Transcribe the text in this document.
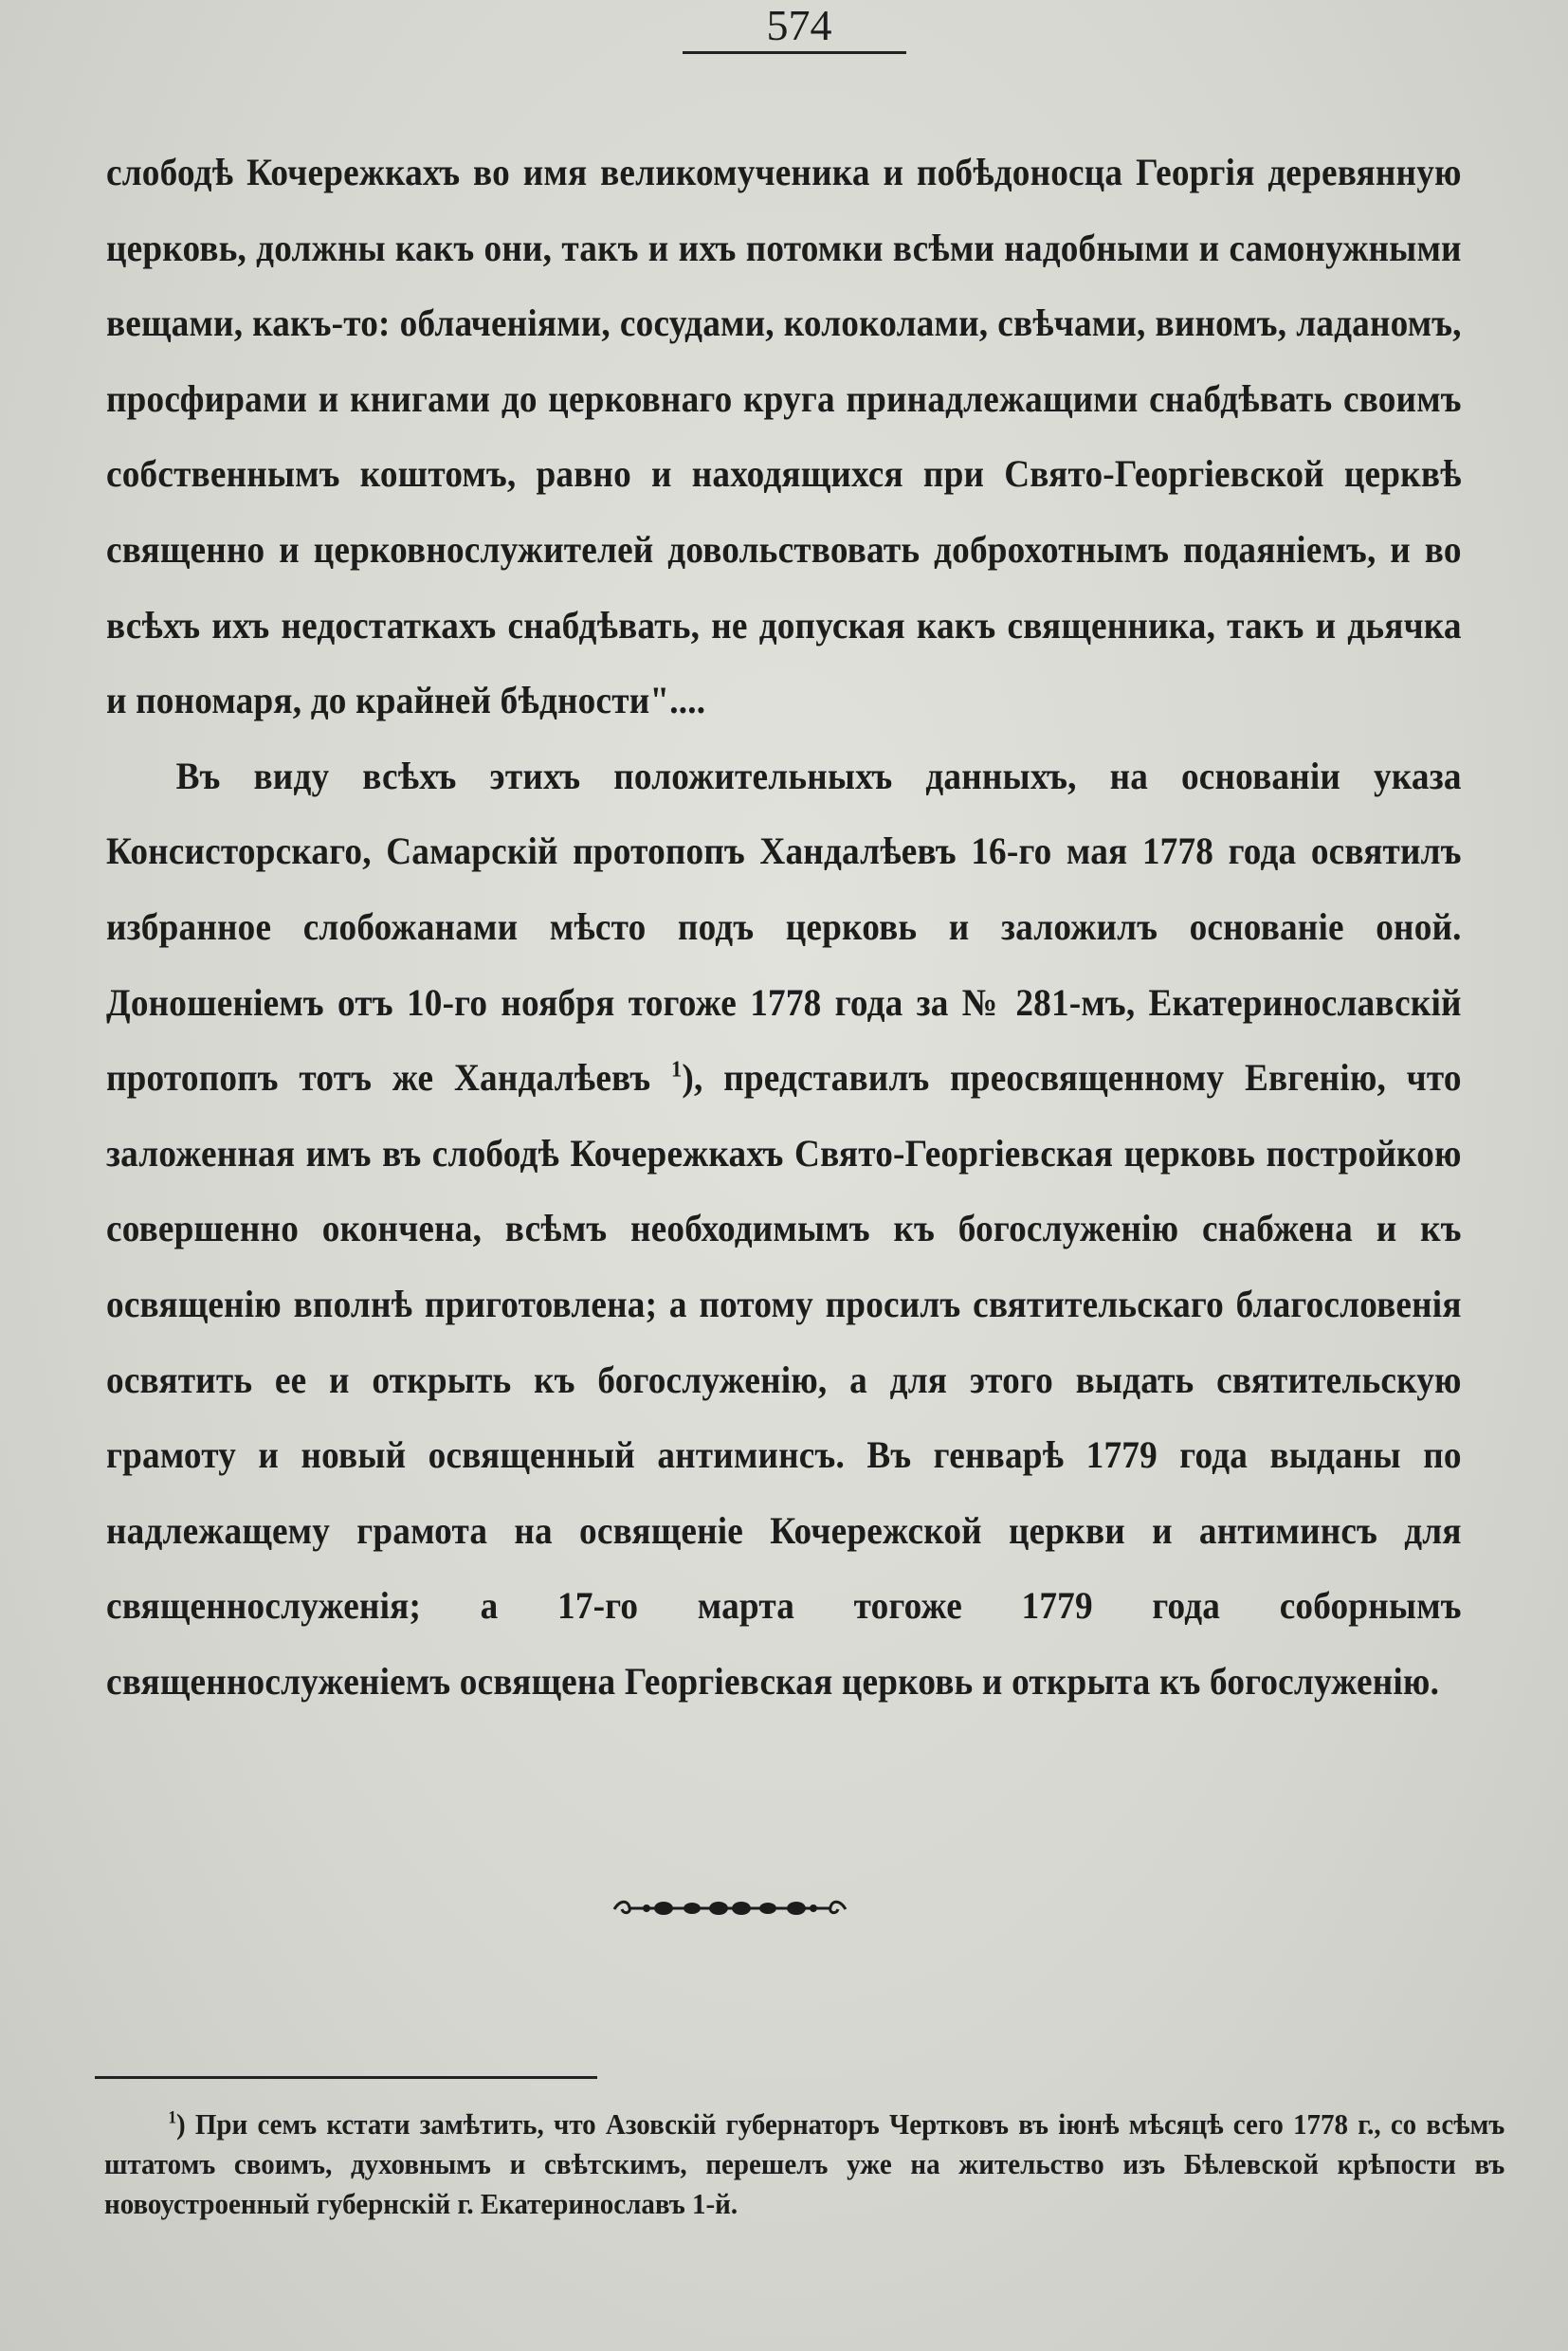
574

слободѣ Кочережкахъ во имя великомученика и побѣдоносца Георгія деревянную церковь, должны какъ они, такъ и ихъ потомки всѣми надобными и самонужными вещами, какъ-то: облаченіями, сосудами, колоколами, свѣчами, виномъ, ладаномъ, просфирами и книгами до церковнаго круга принадлежащими снабдѣвать своимъ собственнымъ коштомъ, равно и находящихся при Свято-Георгіевской церквѣ священно и церковнослужителей довольствовать доброхотнымъ подаяніемъ, и во всѣхъ ихъ недостаткахъ снабдѣвать, не допуская какъ священника, такъ и дьячка и пономаря, до крайней бѣдности"....

Въ виду всѣхъ этихъ положительныхъ данныхъ, на основаніи указа Консисторскаго, Самарскій протопопъ Хандалѣевъ 16-го мая 1778 года освятилъ избранное слобожанами мѣсто подъ церковь и заложилъ основаніе оной. Доношеніемъ отъ 10-го ноября тогоже 1778 года за № 281-мъ, Екатеринославскій протопопъ тотъ же Хандалѣевъ $^1$), представилъ преосвященному Евгенію, что заложенная имъ въ слободѣ Кочережкахъ Свято-Георгіевская церковь постройкою совершенно окончена, всѣмъ необходимымъ къ богослуженію снабжена и къ освященію вполнѣ приготовлена; а потому просилъ святительскаго благословенія освятить ее и открыть къ богослуженію, а для этого выдать святительскую грамоту и новый освященный антиминсъ. Въ генварѣ 1779 года выданы по надлежащему грамота на освященіе Кочережской церкви и антиминсъ для священнослуженія; а 17-го марта тогоже 1779 года соборнымъ священнослуженіемъ освящена Георгіевская церковь и открыта къ богослуженію.

$^1$) При семъ кстати замѣтить, что Азовскій губернаторъ Чертковъ въ іюнѣ мѣсяцѣ сего 1778 г., со всѣмъ штатомъ своимъ, духовнымъ и свѣтскимъ, перешелъ уже на жительство изъ Бѣлевской крѣпости въ новоустроенный губернскій г. Екатеринославъ 1-й.
